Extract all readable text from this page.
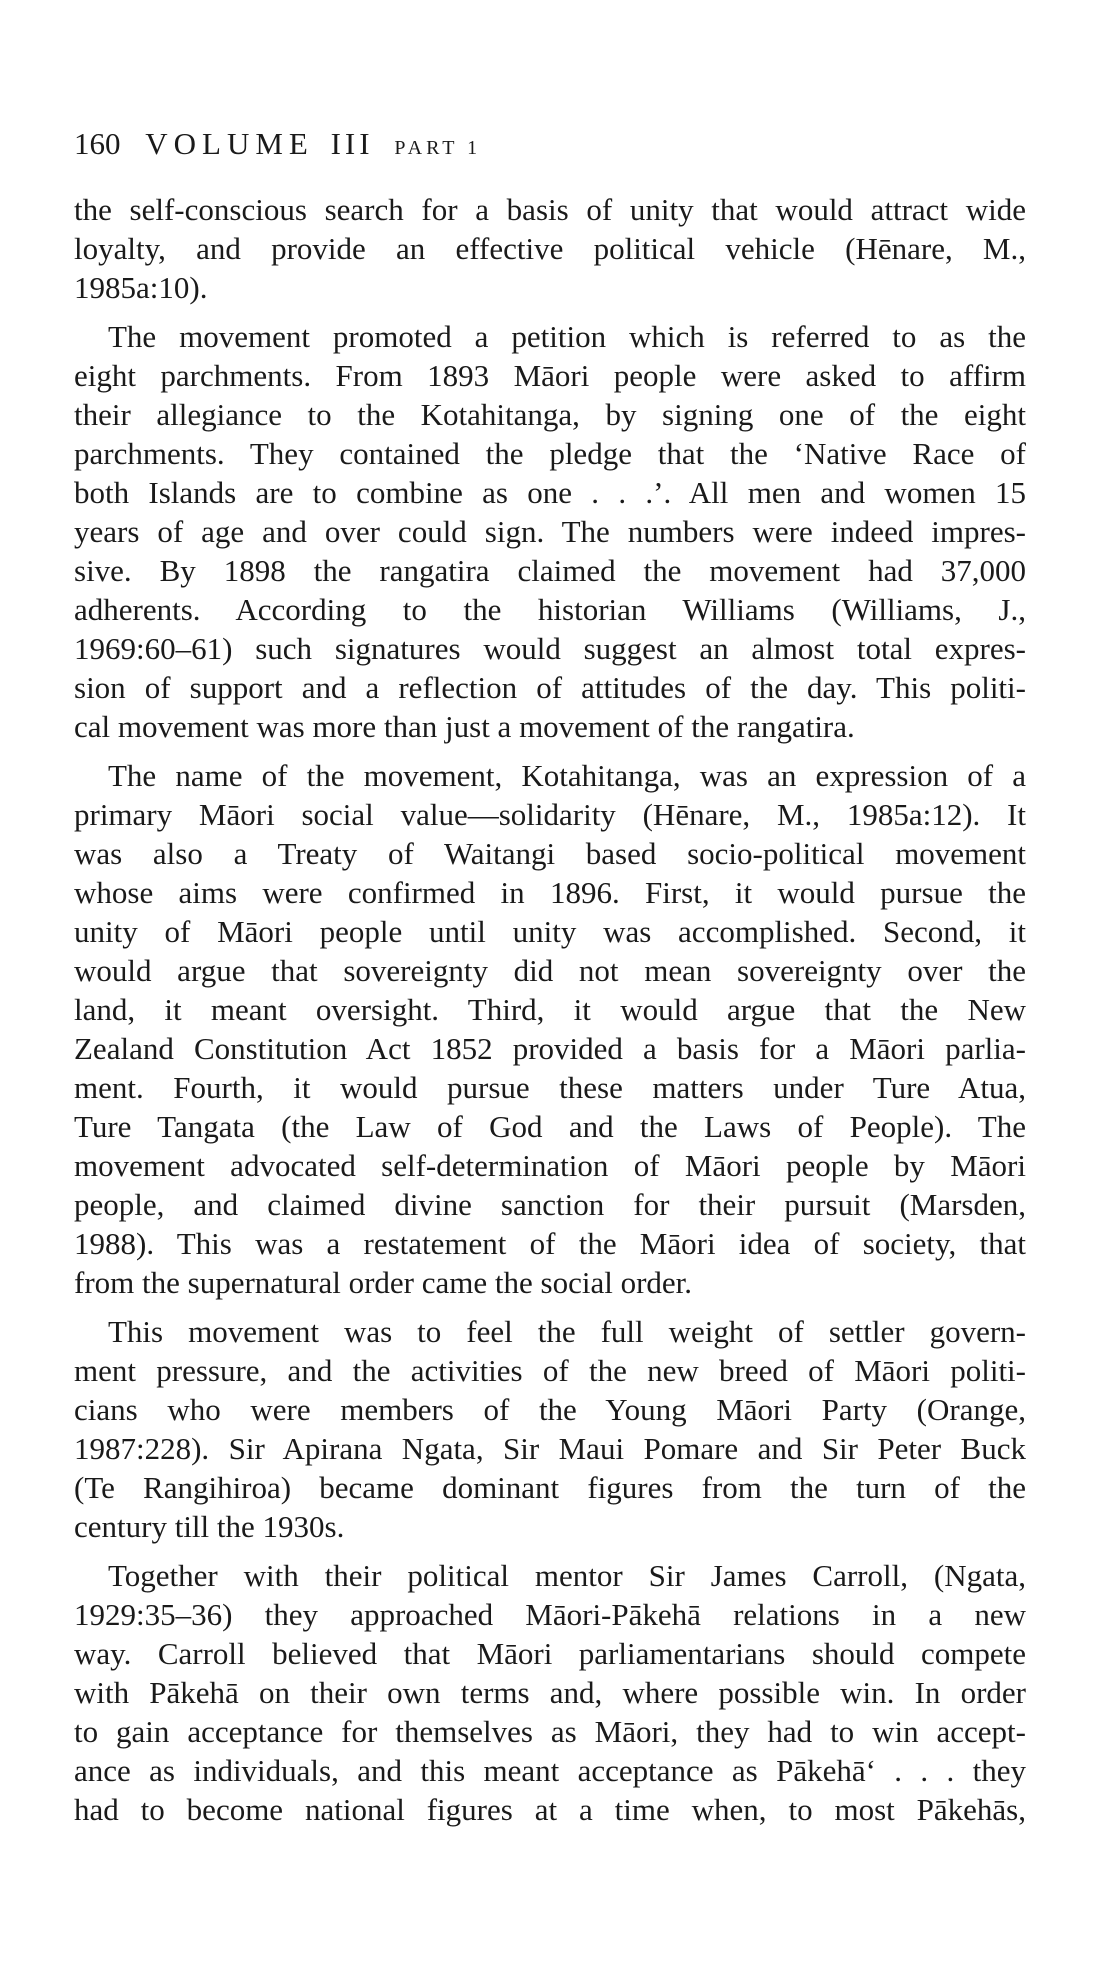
160 VOLUME III PART 1
the self-conscious search for a basis of unity that would attract wide
loyalty, and provide an effective political vehicle (Hēnare, M.,
1985a:10).
The movement promoted a petition which is referred to as the
eight parchments. From 1893 Māori people were asked to affirm
their allegiance to the Kotahitanga, by signing one of the eight
parchments. They contained the pledge that the ‘Native Race of
both Islands are to combine as one . . .’. All men and women 15
years of age and over could sign. The numbers were indeed impres-
sive. By 1898 the rangatira claimed the movement had 37,000
adherents. According to the historian Williams (Williams, J.,
1969:60–61) such signatures would suggest an almost total expres-
sion of support and a reflection of attitudes of the day. This politi-
cal movement was more than just a movement of the rangatira.
The name of the movement, Kotahitanga, was an expression of a
primary Māori social value—solidarity (Hēnare, M., 1985a:12). It
was also a Treaty of Waitangi based socio-political movement
whose aims were confirmed in 1896. First, it would pursue the
unity of Māori people until unity was accomplished. Second, it
would argue that sovereignty did not mean sovereignty over the
land, it meant oversight. Third, it would argue that the New
Zealand Constitution Act 1852 provided a basis for a Māori parlia-
ment. Fourth, it would pursue these matters under Ture Atua,
Ture Tangata (the Law of God and the Laws of People). The
movement advocated self-determination of Māori people by Māori
people, and claimed divine sanction for their pursuit (Marsden,
1988). This was a restatement of the Māori idea of society, that
from the supernatural order came the social order.
This movement was to feel the full weight of settler govern-
ment pressure, and the activities of the new breed of Māori politi-
cians who were members of the Young Māori Party (Orange,
1987:228). Sir Apirana Ngata, Sir Maui Pomare and Sir Peter Buck
(Te Rangihiroa) became dominant figures from the turn of the
century till the 1930s.
Together with their political mentor Sir James Carroll, (Ngata,
1929:35–36) they approached Māori-Pākehā relations in a new
way. Carroll believed that Māori parliamentarians should compete
with Pākehā on their own terms and, where possible win. In order
to gain acceptance for themselves as Māori, they had to win accept-
ance as individuals, and this meant acceptance as Pākehā‘ . . . they
had to become national figures at a time when, to most Pākehās,
